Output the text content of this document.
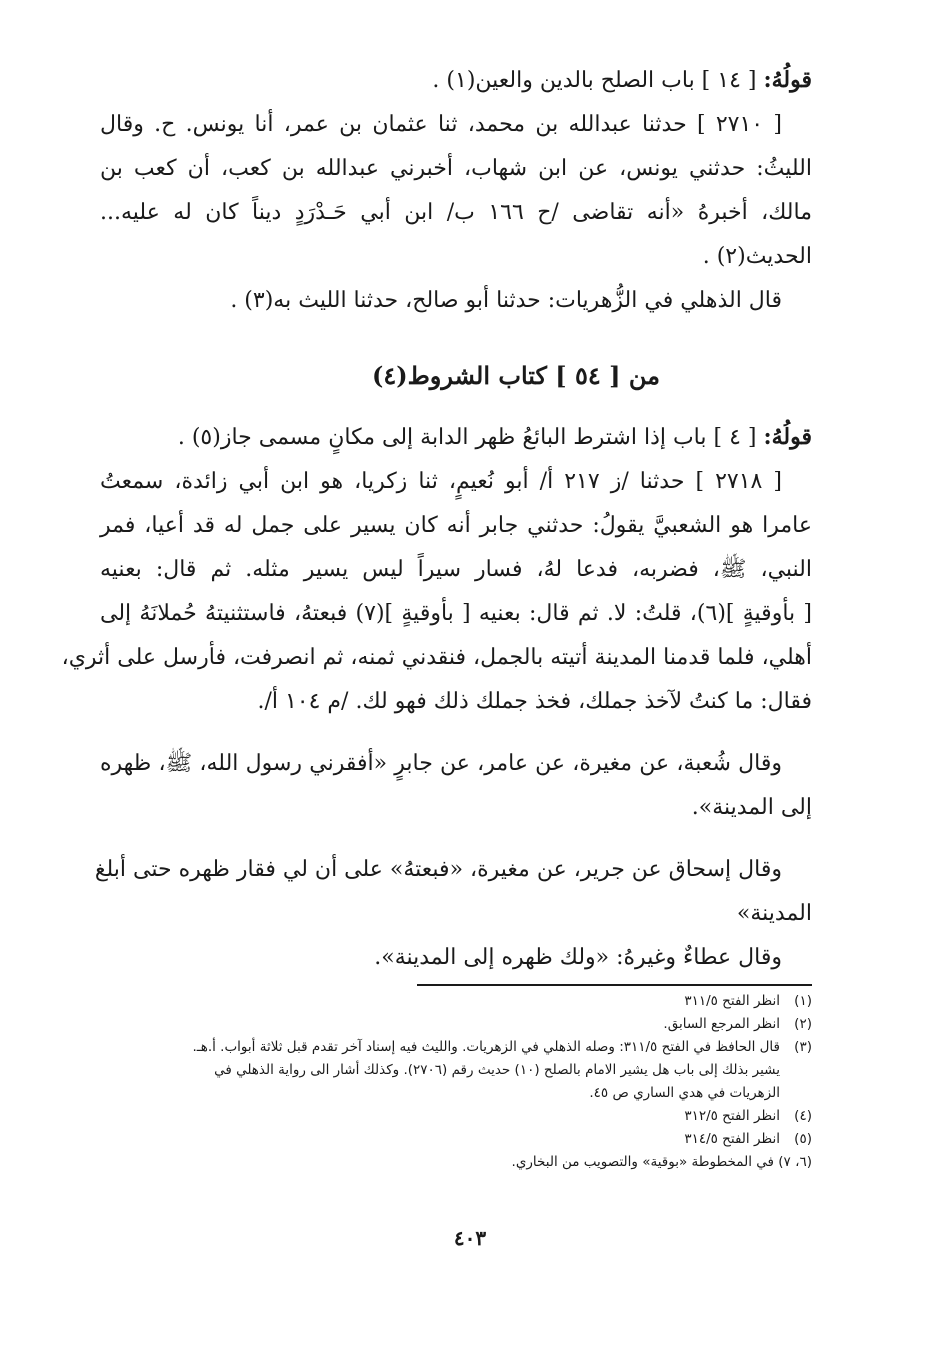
قولُهُ: [ ١٤ ] باب الصلح بالدين والعين(١) .
[ ٢٧١٠ ] حدثنا عبدالله بن محمد، ثنا عثمان بن عمر، أنا يونس. ح. وقال
الليثُ: حدثني يونس، عن ابن شهاب، أخبرني عبدالله بن كعب، أن كعب بن
مالك، أخبرهُ «أنه تقاضى /ح ١٦٦ ب/ ابن أبي حَـدْرَدٍ ديناً كان له عليه...
الحديث(٢) .
قال الذهلي في الزُّهريات: حدثنا أبو صالح، حدثنا الليث به(٣) .
من [ ٥٤ ] كتاب الشروط(٤)
قولُهُ: [ ٤ ] باب إذا اشترط البائعُ ظهر الدابة إلى مكانٍ مسمى جاز(٥) .
[ ٢٧١٨ ] حدثنا /ز ٢١٧ أ/ أبو نُعيمٍ، ثنا زكريا، هو ابن أبي زائدة، سمعتُ
عامرا هو الشعبيَّ يقولُ: حدثني جابر أنه كان يسير على جمل له قد أعيا، فمر
النبي، ﷺ، فضربه، فدعا لهُ، فسار سيراً ليس يسير مثله. ثم قال: بعنيه
[ بأوقيةٍ ](٦)، قلتُ: لا. ثم قال: بعنيه [ بأوقيةٍ ](٧) فبعتهُ، فاستثنيتهُ حُملانَهُ إلى
أهلي، فلما قدمنا المدينة أتيته بالجمل، فنقدني ثمنه، ثم انصرفت، فأرسل على أثري،
فقال: ما كنتُ لآخذ جملك، فخذ جملك ذلك فهو لك. /م ١٠٤ أ/.
وقال شُعبة، عن مغيرة، عن عامر، عن جابرٍ «أفقرني رسول الله، ﷺ، ظهره
إلى المدينة».
وقال إسحاق عن جرير، عن مغيرة، «فبعتهُ» على أن لي فقار ظهره حتى أبلغ
المدينة»
وقال عطاءٌ وغيرهُ: «ولك ظهره إلى المدينة».
(١)
انظر الفتح ٣١١/٥
(٢)
انظر المرجع السابق.
(٣)
قال الحافظ في الفتح ٣١١/٥: وصله الذهلي في الزهريات. والليث فيه إسناد آخر تقدم قبل ثلاثة أبواب. أ.هـ.
يشير بذلك إلى باب هل يشير الامام بالصلح (١٠) حديث رقم (٢٧٠٦). وكذلك أشار الى رواية الذهلي في
الزهريات في هدي الساري ص ٤٥.
(٤)
انظر الفتح ٣١٢/٥
(٥)
انظر الفتح ٣١٤/٥
(٦، ٧)

في المخطوطة «بوقية» والتصويب من البخاري.
٤٠٣
